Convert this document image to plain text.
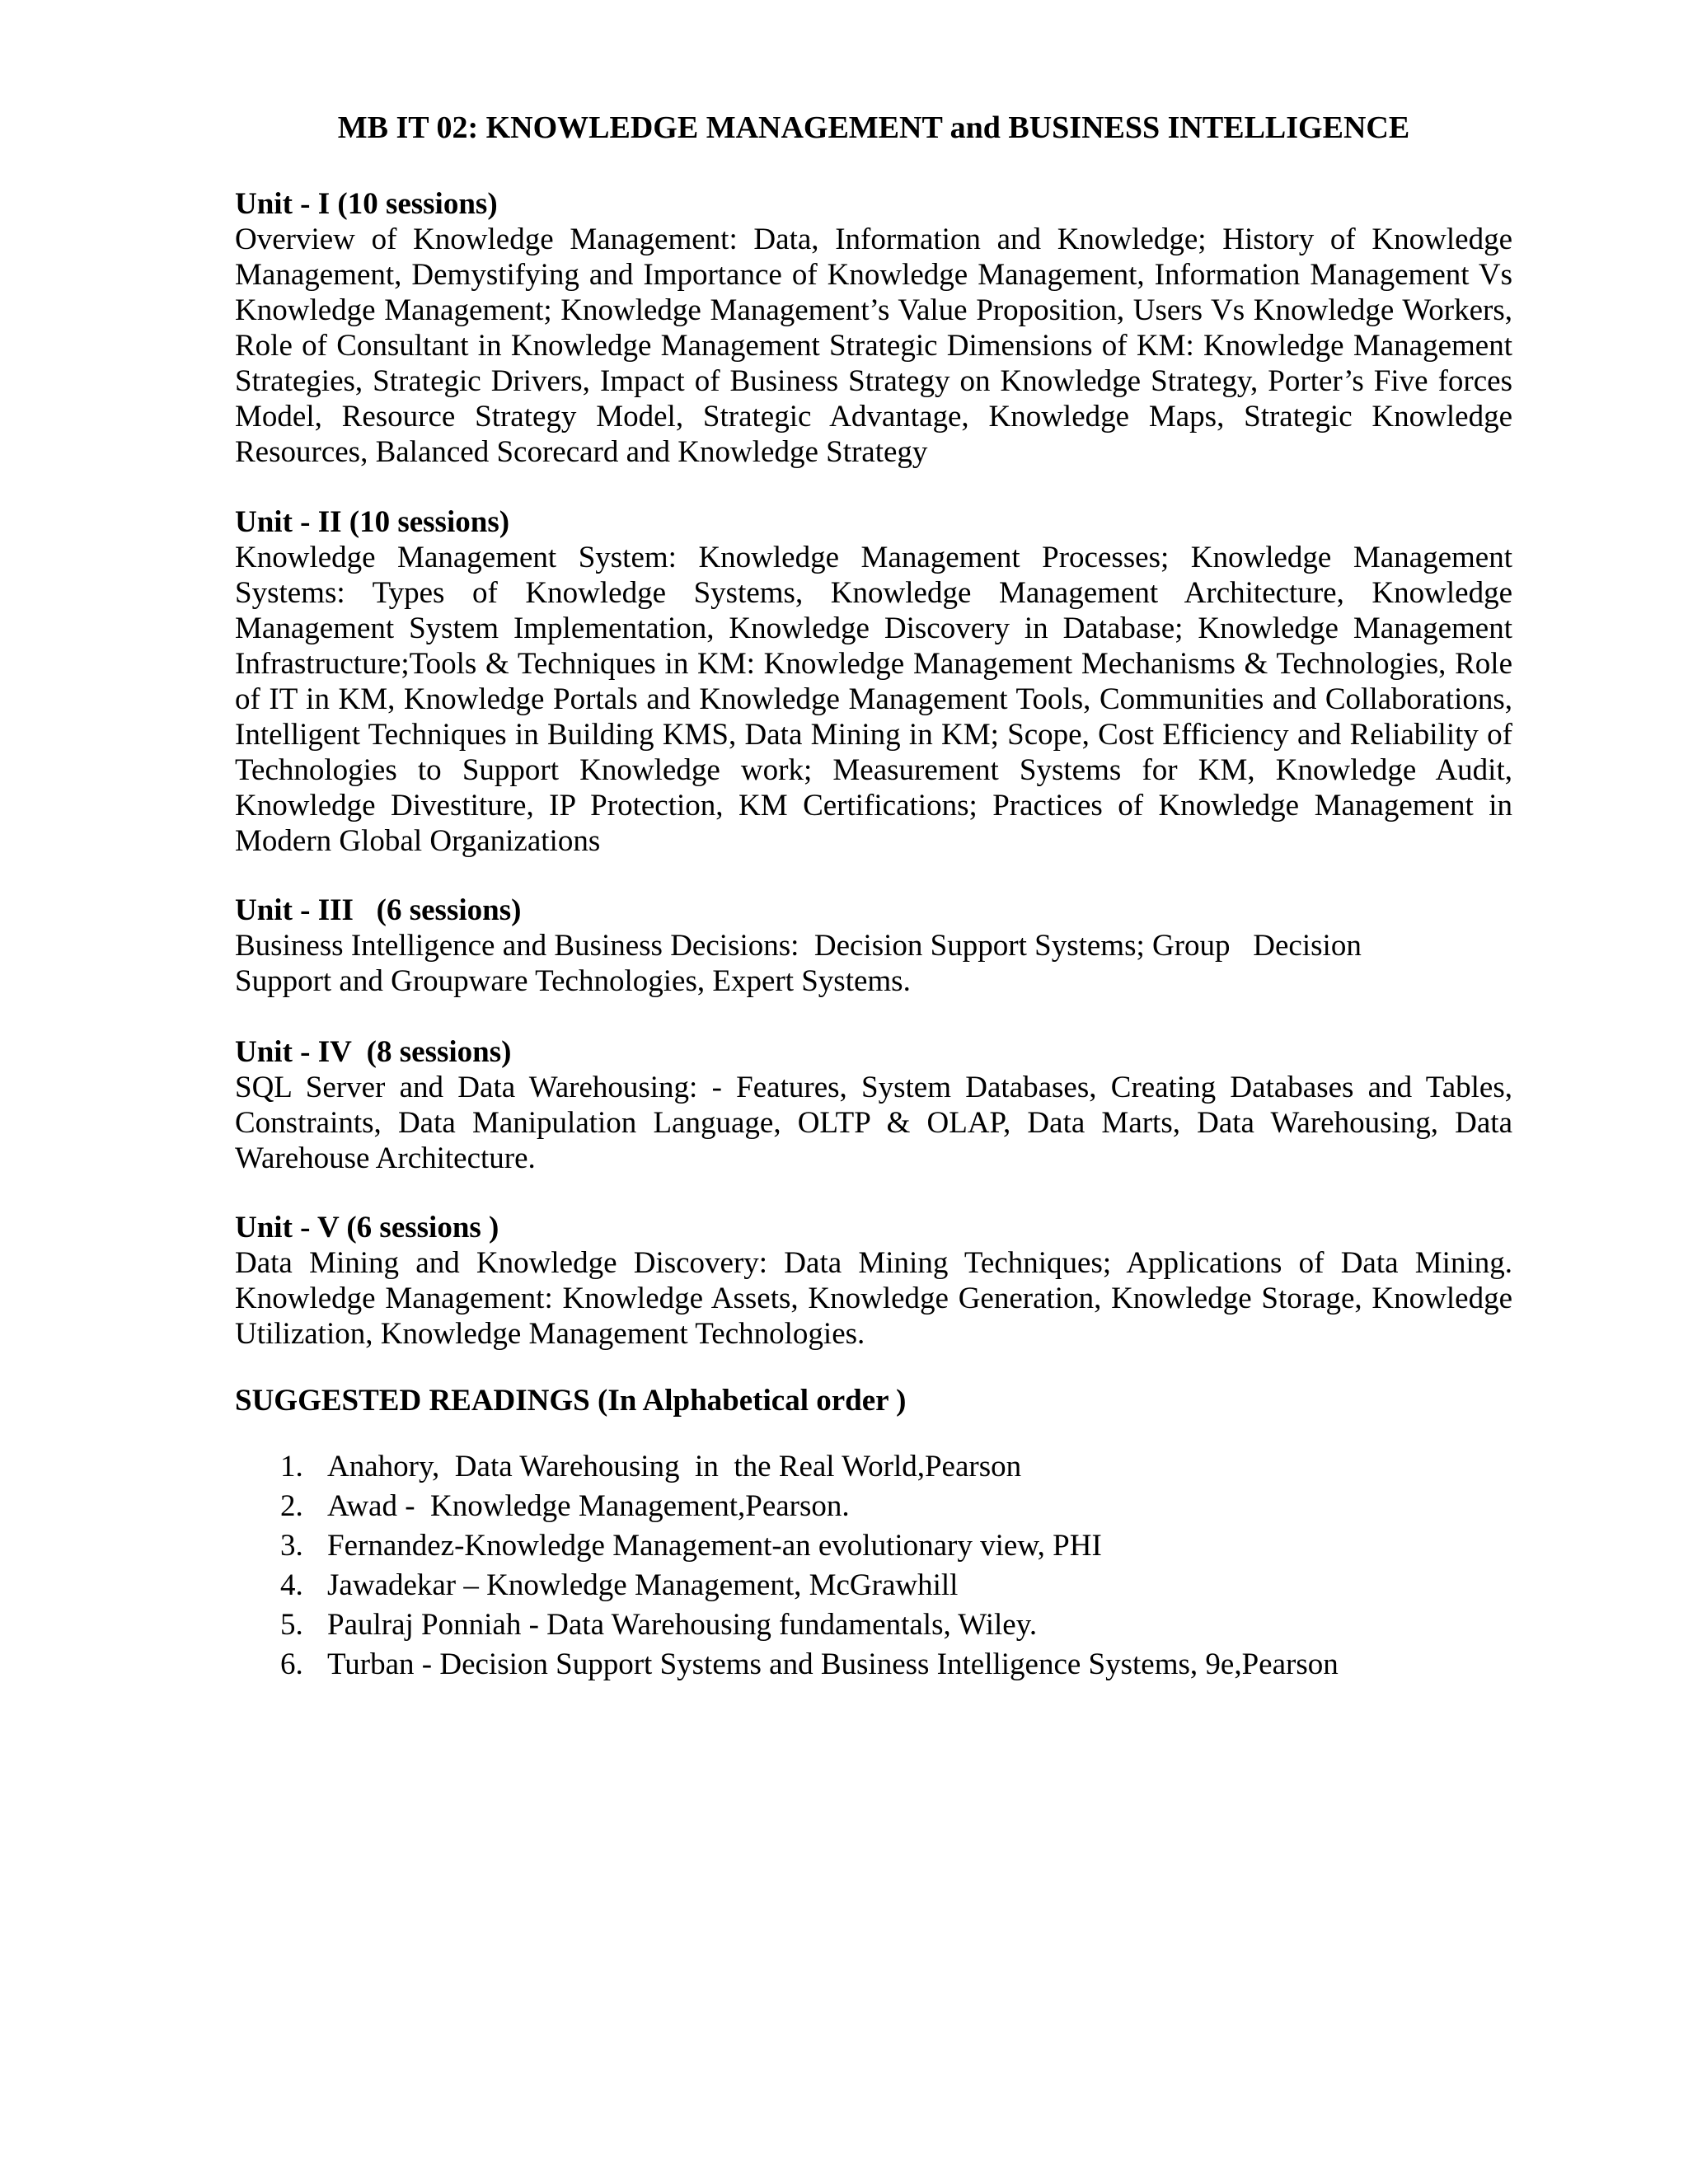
MB IT 02: KNOWLEDGE MANAGEMENT and BUSINESS INTELLIGENCE
Unit - I (10 sessions)

Overview of Knowledge Management: Data, Information and Knowledge; History of Knowledge Management, Demystifying and Importance of Knowledge Management, Information Management Vs Knowledge Management; Knowledge Management’s Value Proposition, Users Vs Knowledge Workers, Role of Consultant in Knowledge Management Strategic Dimensions of KM: Knowledge Management Strategies, Strategic Drivers, Impact of Business Strategy on Knowledge Strategy, Porter’s Five forces Model, Resource Strategy Model, Strategic Advantage, Knowledge Maps, Strategic Knowledge Resources, Balanced Scorecard and Knowledge Strategy

Unit - II (10 sessions)

Knowledge Management System: Knowledge Management Processes; Knowledge Management Systems: Types of Knowledge Systems, Knowledge Management Architecture, Knowledge Management System Implementation, Knowledge Discovery in Database; Knowledge Management Infrastructure;Tools & Techniques in KM: Knowledge Management Mechanisms & Technologies, Role of IT in KM, Knowledge Portals and Knowledge Management Tools, Communities and Collaborations, Intelligent Techniques in Building KMS, Data Mining in KM; Scope, Cost Efficiency and Reliability of Technologies to Support Knowledge work; Measurement Systems for KM, Knowledge Audit, Knowledge Divestiture, IP Protection, KM Certifications; Practices of Knowledge Management in Modern Global Organizations

Unit - III   (6 sessions)
Business Intelligence and Business Decisions:  Decision Support Systems; Group   Decision
Support and Groupware Technologies, Expert Systems.
Unit - IV  (8 sessions)

SQL Server and Data Warehousing: - Features, System Databases, Creating Databases and Tables, Constraints, Data Manipulation Language, OLTP & OLAP, Data Marts, Data Warehousing, Data Warehouse Architecture.

Unit - V (6 sessions )

Data Mining and Knowledge Discovery: Data Mining Techniques; Applications of Data Mining. Knowledge Management: Knowledge Assets, Knowledge Generation, Knowledge Storage, Knowledge Utilization, Knowledge Management Technologies.

SUGGESTED READINGS (In Alphabetical order )
1. Anahory,  Data Warehousing  in  the Real World,Pearson
2. Awad -  Knowledge Management,Pearson.
3. Fernandez-Knowledge Management-an evolutionary view, PHI
4. Jawadekar – Knowledge Management, McGrawhill
5. Paulraj Ponniah - Data Warehousing fundamentals, Wiley.
6. Turban - Decision Support Systems and Business Intelligence Systems, 9e,Pearson
